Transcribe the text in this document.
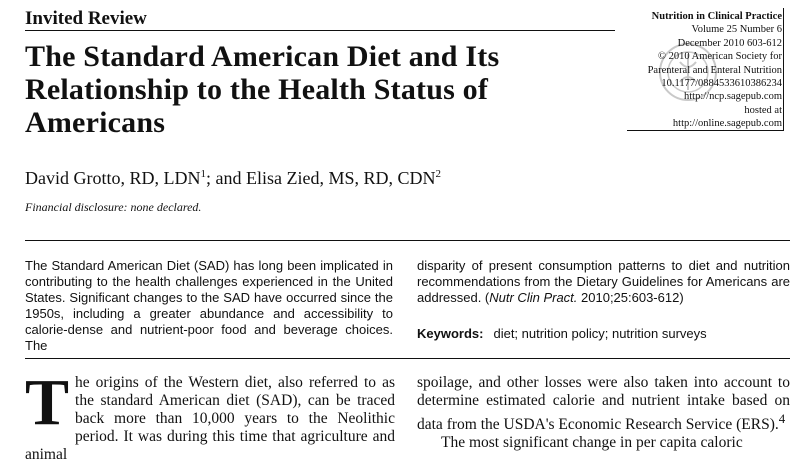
Invited Review
The Standard American Diet and Its Relationship to the Health Status of Americans
Nutrition in Clinical Practice
Volume 25 Number 6
December 2010 603-612
© 2010 American Society for
Parenteral and Enteral Nutrition
10.1177/0884533610386234
http://ncp.sagepub.com
hosted at
http://online.sagepub.com
David Grotto, RD, LDN$^1$; and Elisa Zied, MS, RD, CDN$^2$
Financial disclosure: none declared.

The Standard American Diet (SAD) has long been implicated in contributing to the health challenges experienced in the United States. Significant changes to the SAD have occurred since the 1950s, including a greater abundance and accessibility to calorie-dense and nutrient-poor food and beverage choices. The

disparity of present consumption patterns to diet and nutrition recommendations from the Dietary Guidelines for Americans are addressed. (Nutr Clin Pract. 2010;25:603-612)

Keywords: diet; nutrition policy; nutrition surveys

The origins of the Western diet, also referred to as the standard American diet (SAD), can be traced back more than 10,000 years to the Neolithic period. It was during this time that agriculture and animal

spoilage, and other losses were also taken into account to determine estimated calorie and nutrient intake based on data from the USDA's Economic Research Service (ERS).$^4$
The most significant change in per capita caloric
